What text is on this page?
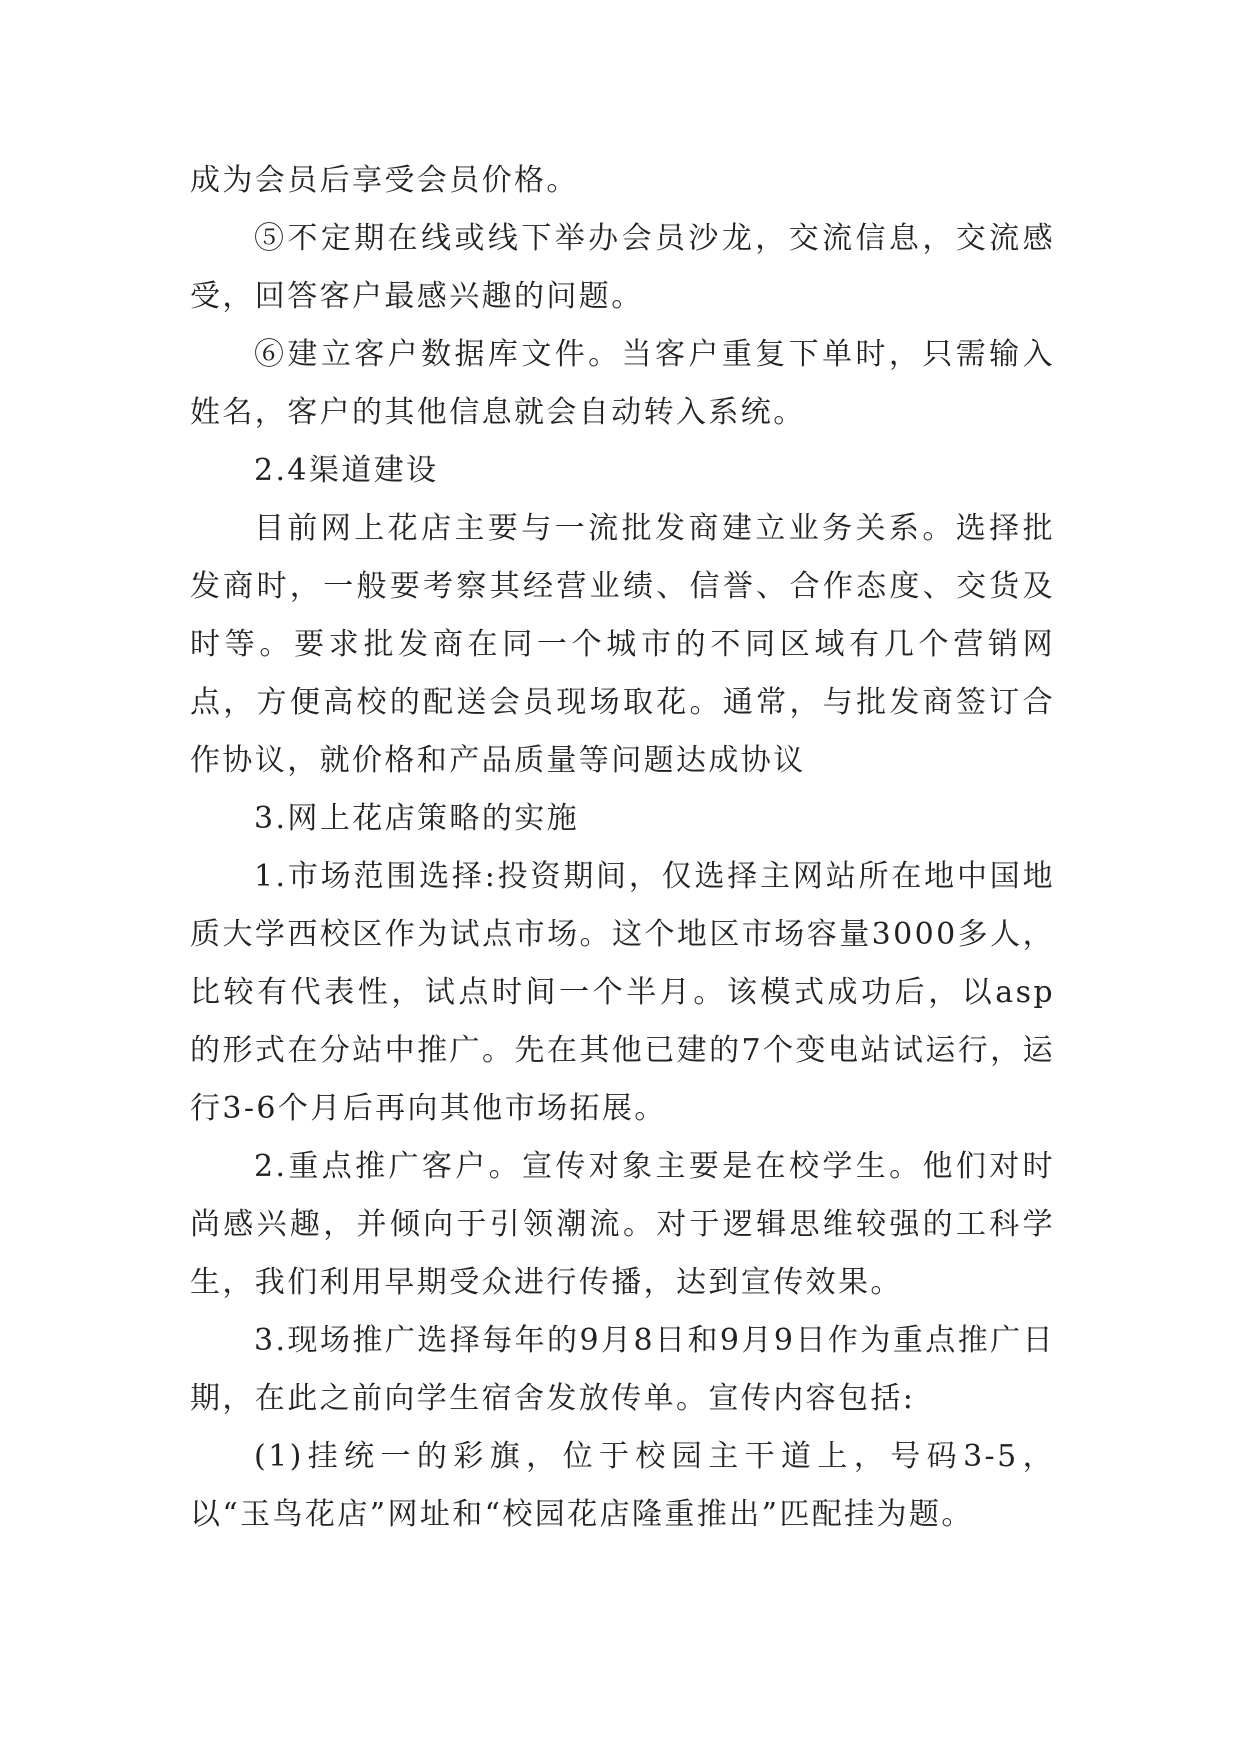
成为会员后享受会员价格。

⑤不定期在线或线下举办会员沙龙，交流信息，交流感受，回答客户最感兴趣的问题。

⑥建立客户数据库文件。当客户重复下单时，只需输入姓名，客户的其他信息就会自动转入系统。

2.4渠道建设

目前网上花店主要与一流批发商建立业务关系。选择批发商时，一般要考察其经营业绩、信誉、合作态度、交货及时等。要求批发商在同一个城市的不同区域有几个营销网点，方便高校的配送会员现场取花。通常，与批发商签订合作协议，就价格和产品质量等问题达成协议

3.网上花店策略的实施

1.市场范围选择:投资期间，仅选择主网站所在地中国地质大学西校区作为试点市场。这个地区市场容量3000多人，比较有代表性，试点时间一个半月。该模式成功后，以asp的形式在分站中推广。先在其他已建的7个变电站试运行，运行3-6个月后再向其他市场拓展。

2.重点推广客户。宣传对象主要是在校学生。他们对时尚感兴趣，并倾向于引领潮流。对于逻辑思维较强的工科学生，我们利用早期受众进行传播，达到宣传效果。

3.现场推广选择每年的9月8日和9月9日作为重点推广日期，在此之前向学生宿舍发放传单。宣传内容包括:

(1)挂统一的彩旗，位于校园主干道上，号码3-5，以“玉鸟花店”网址和“校园花店隆重推出”匹配挂为题。
